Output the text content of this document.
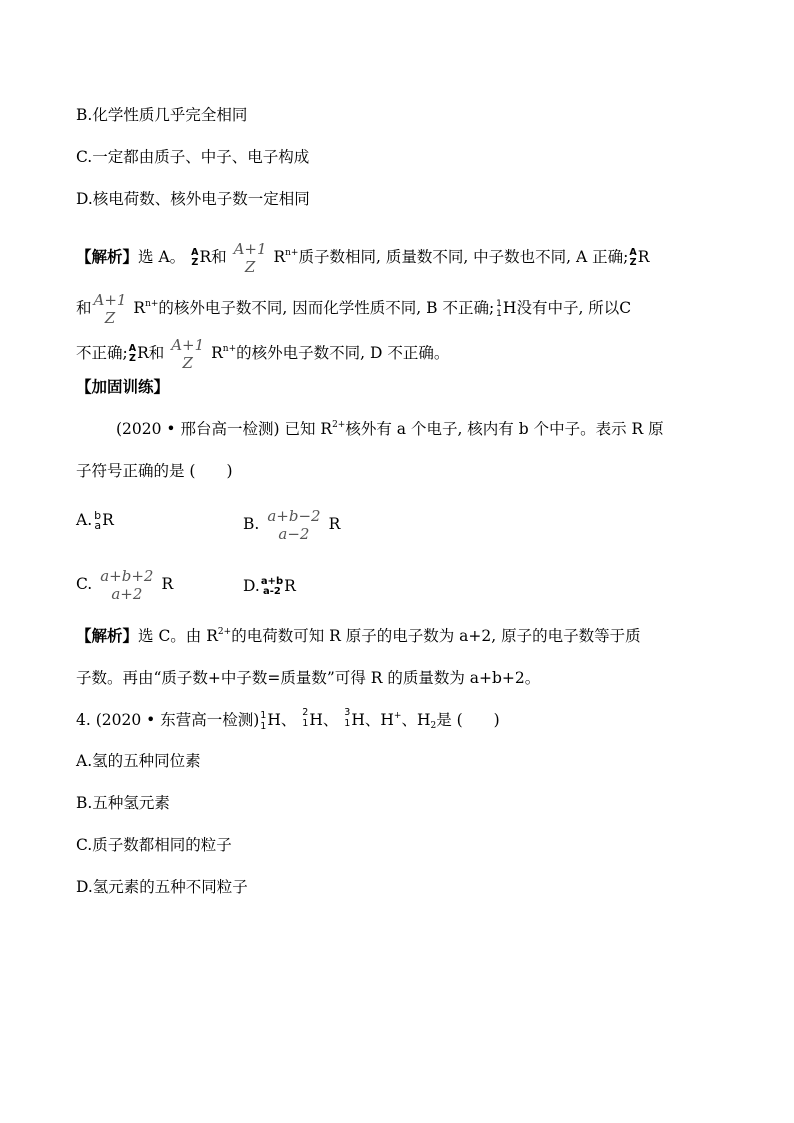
B.化学性质几乎完全相同
C.一定都由质子、中子、电子构成
D.核电荷数、核外电子数一定相同
【解析】选 A。 A
Z R和 A+1
Z
$R^{n+}$质子数相同, 质量数不同, 中子数也不同, A 正确; A
Z R
和 A+1
Z
$R^{n+}$的核外电子数不同, 因而化学性质不同, B 不正确; 1
1 H没有中子, 所以C
不正确; A
Z R和 A+1
Z
$R^{n+}$的核外电子数不同, D 不正确。
【加固训练】
(2020 • 邢台高一检测) 已知 $R^{2+}$核外有 a 个电子, 核内有 b 个中子。表示 R 原
子符号正确的是 (　　)
A. b
a R	B. a+b−2
a−2
R
C. a+b+2
a+2
R	D. a+b
a-2 R
【解析】选 C。由 $R^{2+}$的电荷数可知 R 原子的电子数为 a+2, 原子的电子数等于质
子数。再由“质子数+中子数=质量数”可得 R 的质量数为 a+b+2。
4. (2020 • 东营高一检测) 1
1 H、 2
1 H、 3
1 H、H+、$H_2$是 (　　)
A.氢的五种同位素
B.五种氢元素
C.质子数都相同的粒子
D.氢元素的五种不同粒子
